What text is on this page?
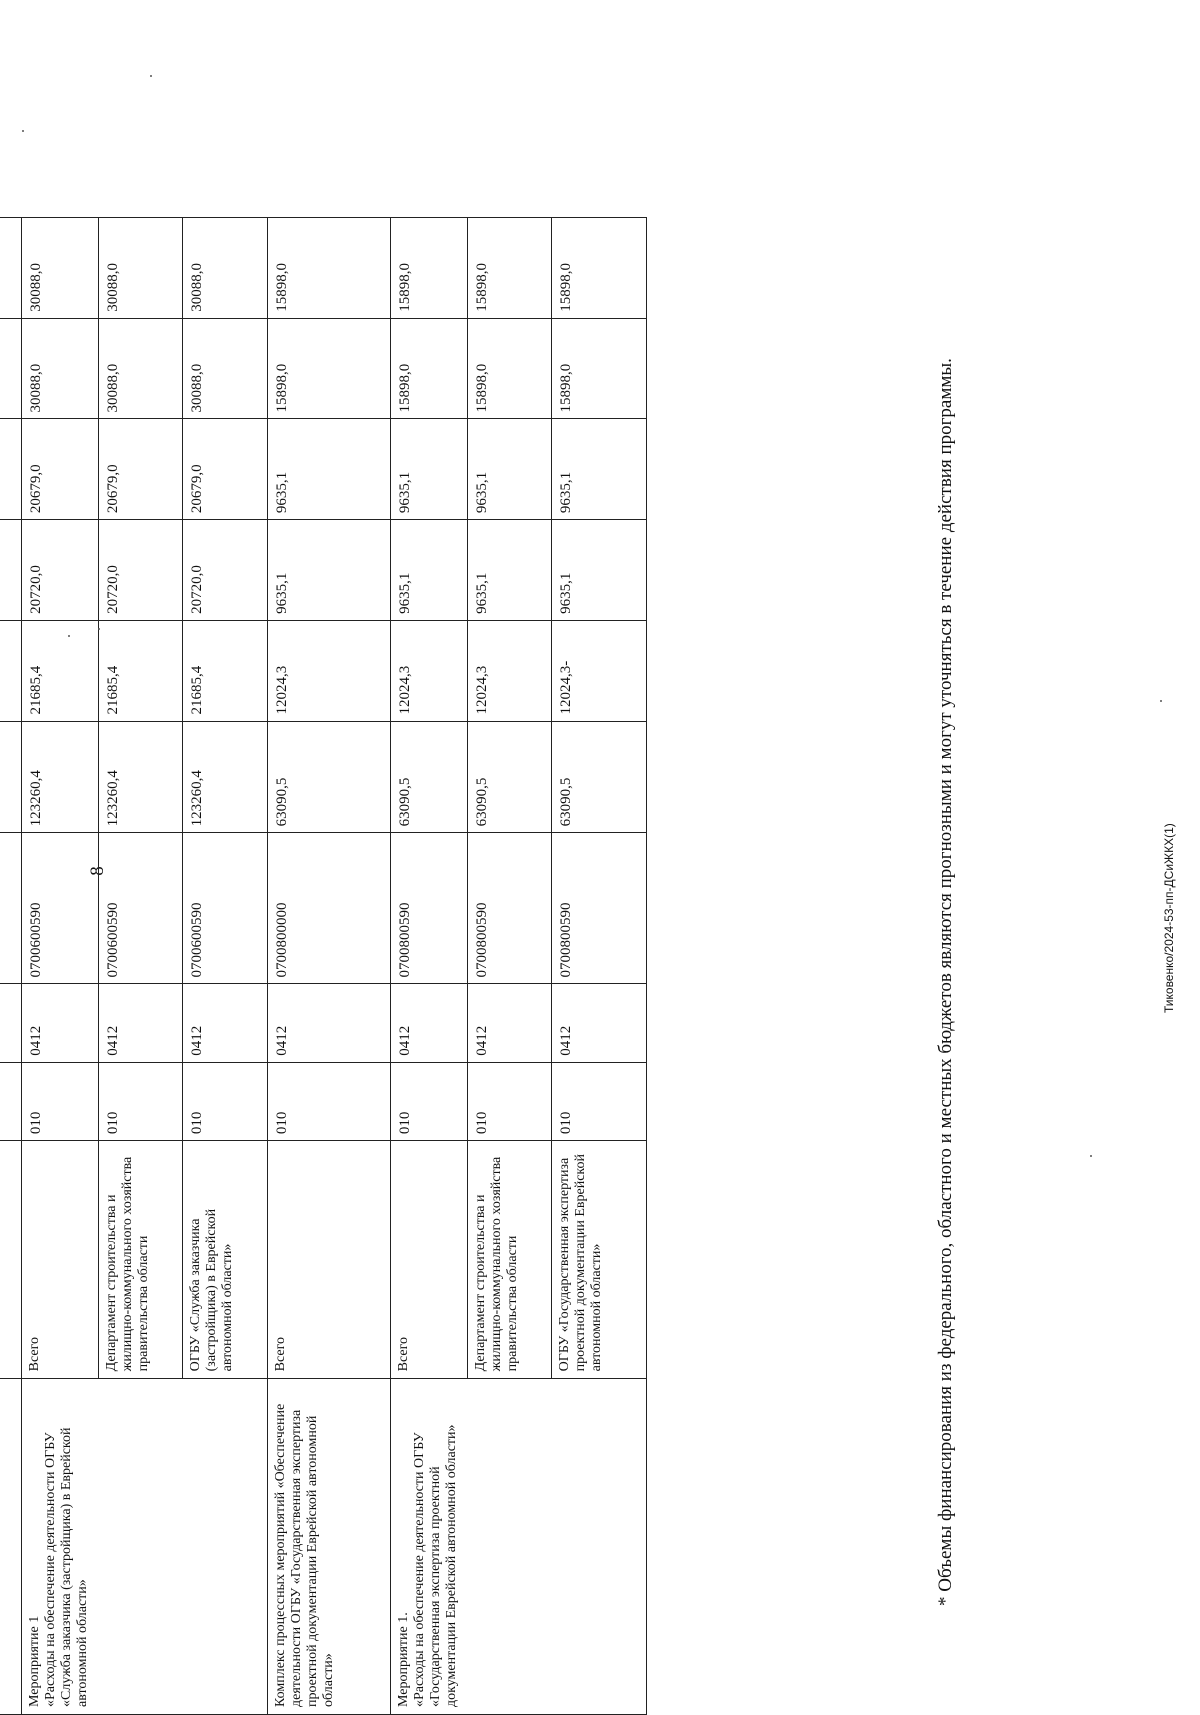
8

Мероприятие 1
«Расходы на обеспечение деятельности ОГБУ «Служба заказчика (застройщика) в Еврейской автономной области»	Всего	010	0412	0700600590	123260,4	21685,4	20720,0	20679,0	30088,0	30088,0
	Департамент строительства и жилищно-коммунального хозяйства правительства области	010	0412	0700600590	123260,4	21685,4	20720,0	20679,0	30088,0	30088,0
	ОГБУ «Служба заказчика (застройщика) в Еврейской автономной области»	010	0412	0700600590	123260,4	21685,4	20720,0	20679,0	30088,0	30088,0
Комплекс процессных мероприятий «Обеспечение деятельности ОГБУ «Государственная экспертиза проектной документации Еврейской автономной области»	Всего	010	0412	0700800000	63090,5	12024,3	9635,1	9635,1	15898,0	15898,0
Мероприятие 1.
«Расходы на обеспечение деятельности ОГБУ «Государственная экспертиза проектной документации Еврейской автономной области»	Всего	010	0412	0700800590	63090,5	12024,3	9635,1	9635,1	15898,0	15898,0
	Департамент строительства и жилищно-коммунального хозяйства правительства области	010	0412	0700800590	63090,5	12024,3	9635,1	9635,1	15898,0	15898,0
	ОГБУ «Государственная экспертиза проектной документации Еврейской автономной области»	010	0412	0700800590	63090,5	12024,3-	9635,1	9635,1	15898,0	15898,0

* Объемы финансирования из федерального, областного и местных бюджетов являются прогнозными и могут уточняться в течение действия программы.	Тиковенко/2024-53-пп-ДСиЖКХ(1)
